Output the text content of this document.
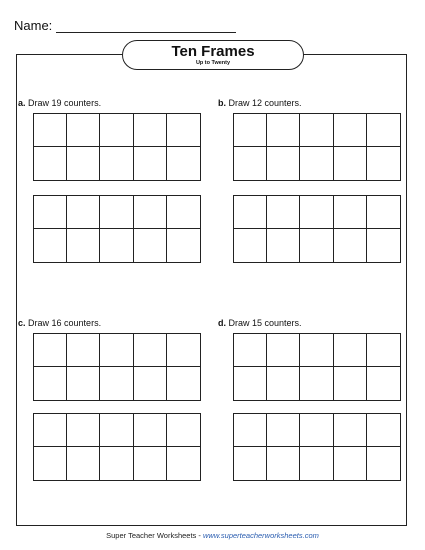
Name:
Ten Frames
Up to Twenty
a. Draw 19 counters.	b. Draw 12 counters.
c. Draw 16 counters.	d. Draw 15 counters.
Super Teacher Worksheets - www.superteacherworksheets.com
